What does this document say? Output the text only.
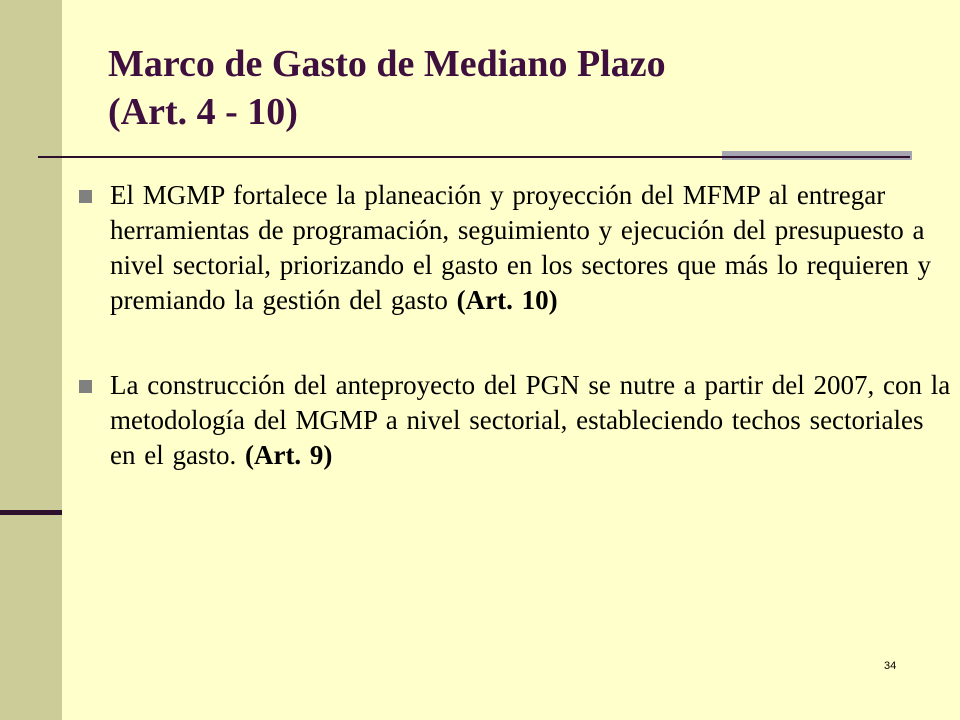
Marco de Gasto de Mediano Plazo
(Art. 4 - 10)
El MGMP fortalece la planeación y proyección del MFMP al entregar herramientas de programación, seguimiento y ejecución del presupuesto a nivel sectorial, priorizando el gasto en los sectores que más lo requieren y premiando la gestión del gasto (Art. 10)
La construcción del anteproyecto del PGN se nutre a partir del 2007, con la metodología del MGMP a nivel sectorial, estableciendo techos sectoriales en el gasto. (Art. 9)
34
